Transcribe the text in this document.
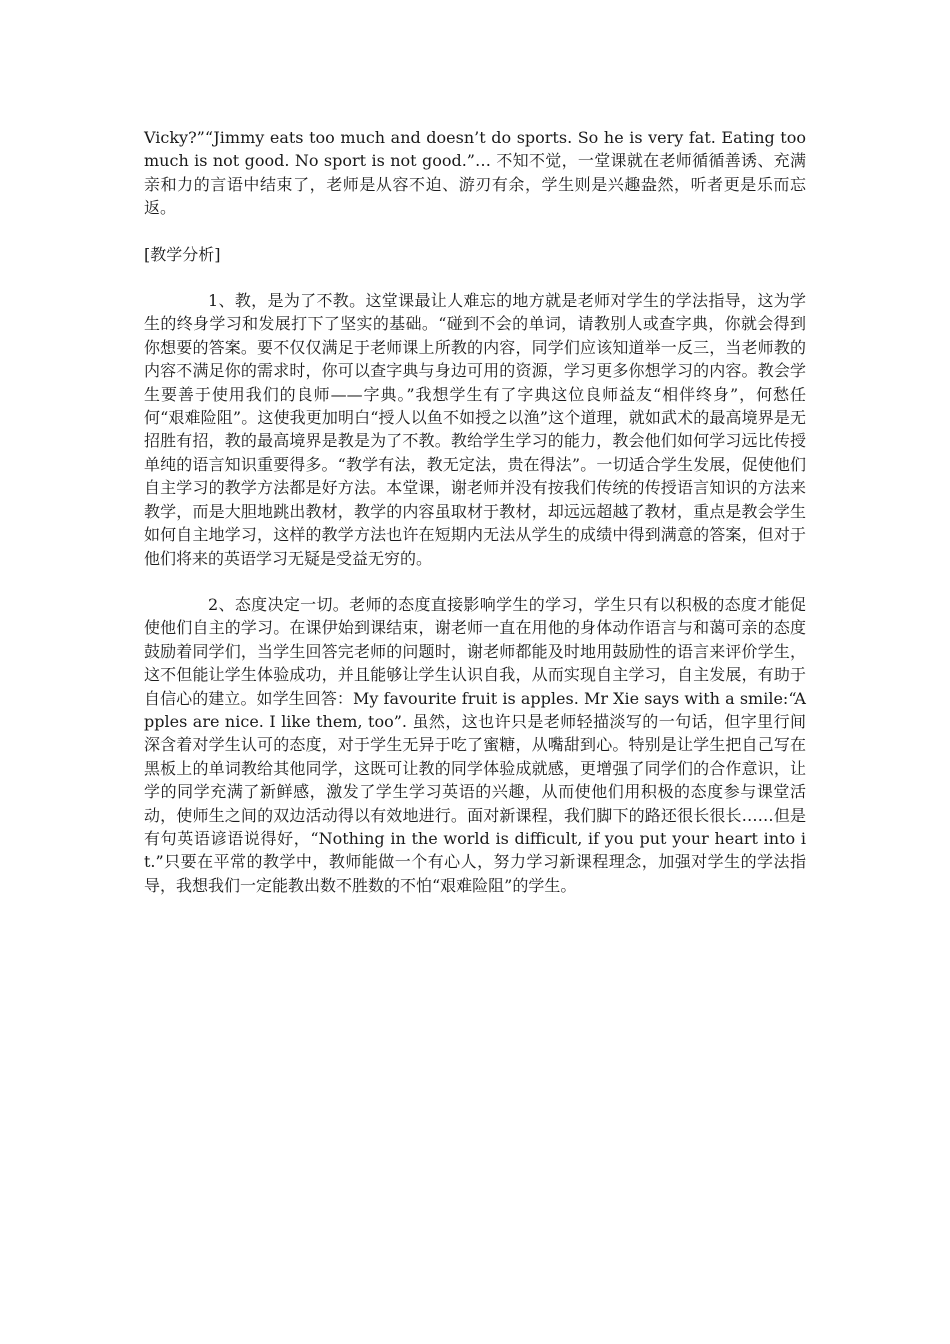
Vicky?”“Jimmy eats too much and doesn’t do sports. So he is very fat. Eating too much is not good. No sport is not good.”… 不知不觉，一堂课就在老师循循善诱、充满亲和力的言语中结束了，老师是从容不迫、游刃有余，学生则是兴趣盎然，听者更是乐而忘返。

[教学分析]

1、教，是为了不教。这堂课最让人难忘的地方就是老师对学生的学法指导，这为学生的终身学习和发展打下了坚实的基础。“碰到不会的单词，请教别人或查字典，你就会得到你想要的答案。要不仅仅满足于老师课上所教的内容，同学们应该知道举一反三，当老师教的内容不满足你的需求时，你可以查字典与身边可用的资源，学习更多你想学习的内容。教会学生要善于使用我们的良师——字典。”我想学生有了字典这位良师益友“相伴终身”，何愁任何“艰难险阻”。这使我更加明白“授人以鱼不如授之以渔”这个道理，就如武术的最高境界是无招胜有招，教的最高境界是教是为了不教。教给学生学习的能力，教会他们如何学习远比传授单纯的语言知识重要得多。“教学有法，教无定法，贵在得法”。一切适合学生发展，促使他们自主学习的教学方法都是好方法。本堂课，谢老师并没有按我们传统的传授语言知识的方法来教学，而是大胆地跳出教材，教学的内容虽取材于教材，却远远超越了教材，重点是教会学生如何自主地学习，这样的教学方法也许在短期内无法从学生的成绩中得到满意的答案，但对于他们将来的英语学习无疑是受益无穷的。

2、态度决定一切。老师的态度直接影响学生的学习，学生只有以积极的态度才能促使他们自主的学习。在课伊始到课结束，谢老师一直在用他的身体动作语言与和蔼可亲的态度鼓励着同学们，当学生回答完老师的问题时，谢老师都能及时地用鼓励性的语言来评价学生，这不但能让学生体验成功，并且能够让学生认识自我，从而实现自主学习，自主发展，有助于自信心的建立。如学生回答：My favourite fruit is apples. Mr Xie says with a smile:“Apples are nice. I like them, too”. 虽然，这也许只是老师轻描淡写的一句话，但字里行间深含着对学生认可的态度，对于学生无异于吃了蜜糖，从嘴甜到心。特别是让学生把自己写在黑板上的单词教给其他同学，这既可让教的同学体验成就感，更增强了同学们的合作意识，让学的同学充满了新鲜感，激发了学生学习英语的兴趣，从而使他们用积极的态度参与课堂活动，使师生之间的双边活动得以有效地进行。面对新课程，我们脚下的路还很长很长……但是有句英语谚语说得好，“Nothing in the world is difficult, if you put your heart into it.”只要在平常的教学中，教师能做一个有心人，努力学习新课程理念，加强对学生的学法指导，我想我们一定能教出数不胜数的不怕“艰难险阻”的学生。
